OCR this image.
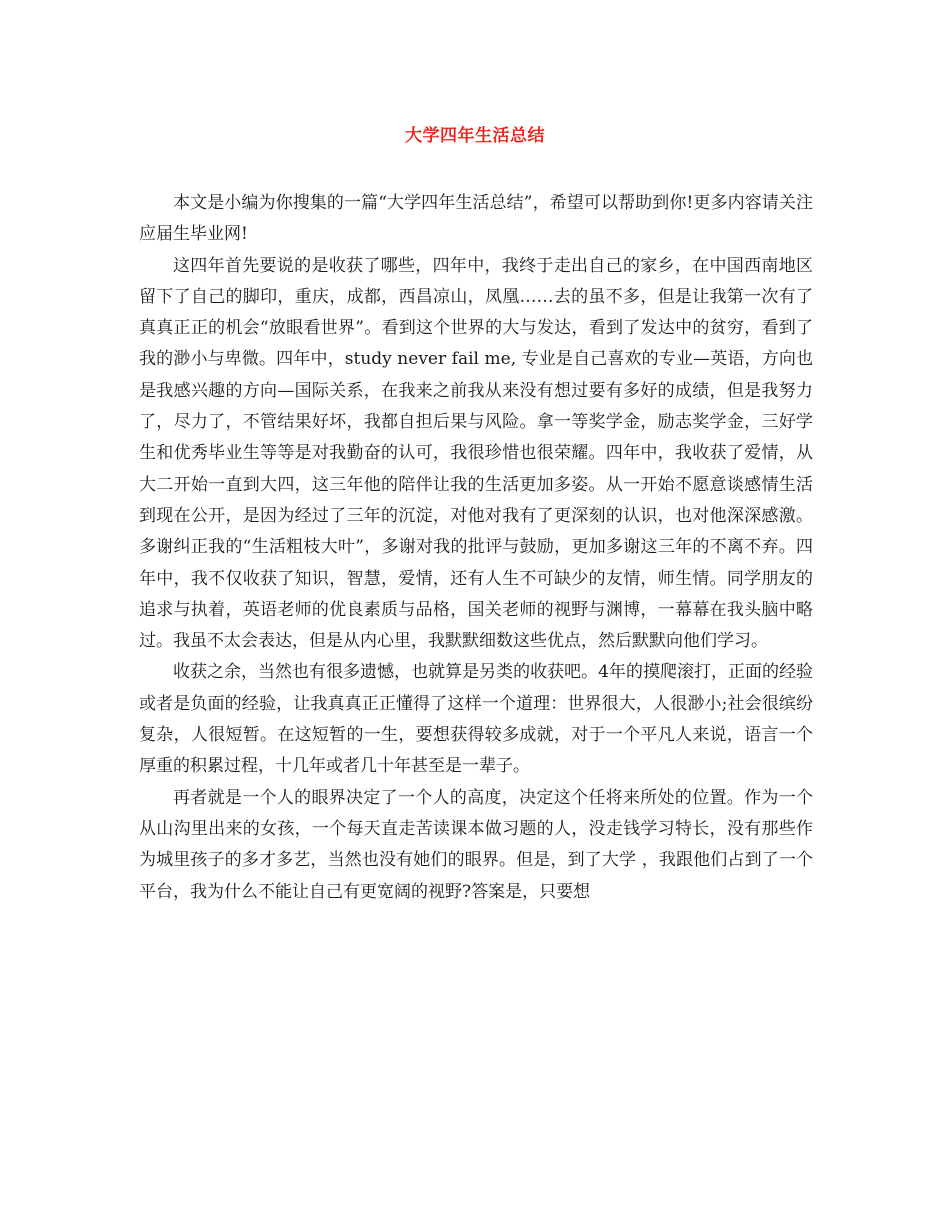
大学四年生活总结

本文是小编为你搜集的一篇“大学四年生活总结”，希望可以帮助到你!更多内容请关注应届生毕业网!

这四年首先要说的是收获了哪些，四年中，我终于走出自己的家乡，在中国西南地区留下了自己的脚印，重庆，成都，西昌凉山，凤凰……去的虽不多，但是让我第一次有了真真正正的机会“放眼看世界”。看到这个世界的大与发达，看到了发达中的贫穷，看到了我的渺小与卑微。四年中，study never fail me, 专业是自己喜欢的专业—英语，方向也是我感兴趣的方向—国际关系，在我来之前我从来没有想过要有多好的成绩，但是我努力了，尽力了，不管结果好坏，我都自担后果与风险。拿一等奖学金，励志奖学金，三好学生和优秀毕业生等等是对我勤奋的认可，我很珍惜也很荣耀。四年中，我收获了爱情，从大二开始一直到大四，这三年他的陪伴让我的生活更加多姿。从一开始不愿意谈感情生活到现在公开，是因为经过了三年的沉淀，对他对我有了更深刻的认识，也对他深深感激。多谢纠正我的“生活粗枝大叶”，多谢对我的批评与鼓励，更加多谢这三年的不离不弃。四年中，我不仅收获了知识，智慧，爱情，还有人生不可缺少的友情，师生情。同学朋友的追求与执着，英语老师的优良素质与品格，国关老师的视野与渊博，一幕幕在我头脑中略过。我虽不太会表达，但是从内心里，我默默细数这些优点，然后默默向他们学习。

收获之余，当然也有很多遗憾，也就算是另类的收获吧。4年的摸爬滚打，正面的经验或者是负面的经验，让我真真正正懂得了这样一个道理：世界很大，人很渺小;社会很缤纷复杂，人很短暂。在这短暂的一生，要想获得较多成就，对于一个平凡人来说，语言一个厚重的积累过程，十几年或者几十年甚至是一辈子。

再者就是一个人的眼界决定了一个人的高度，决定这个任将来所处的位置。作为一个从山沟里出来的女孩，一个每天直走苦读课本做习题的人，没走钱学习特长，没有那些作为城里孩子的多才多艺，当然也没有她们的眼界。但是，到了大学 ，我跟他们占到了一个平台，我为什么不能让自己有更宽阔的视野?答案是，只要想
